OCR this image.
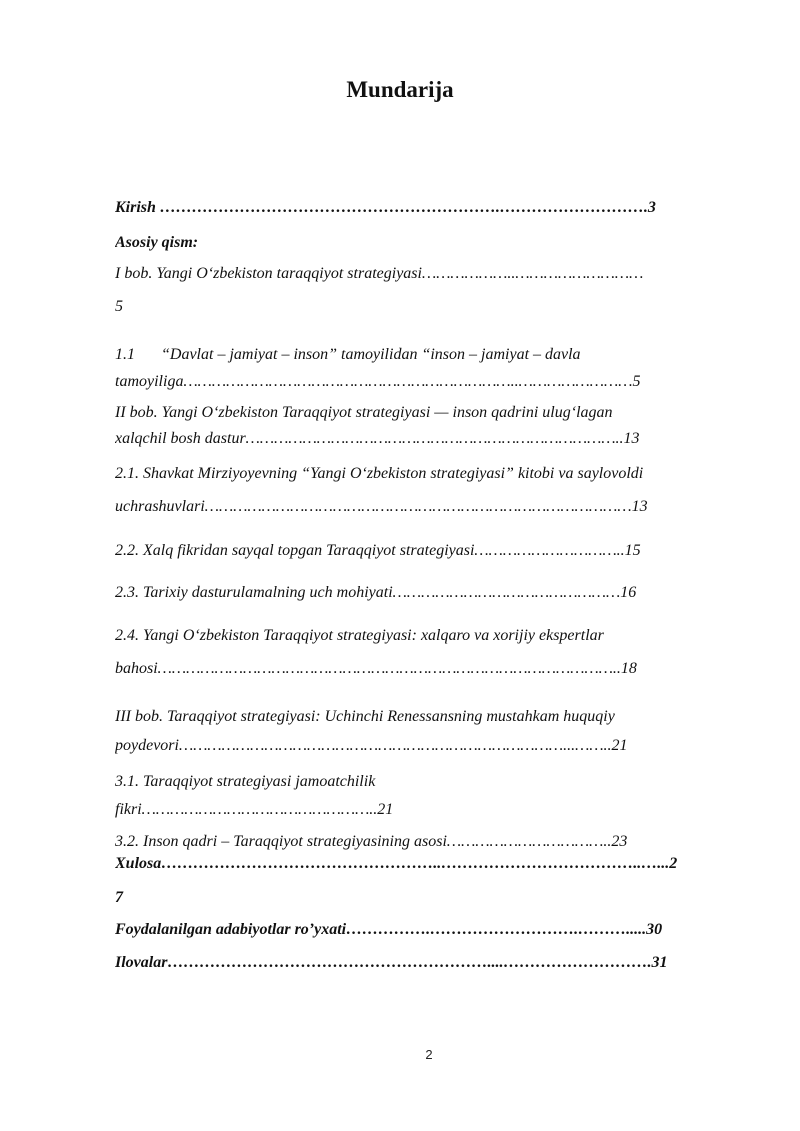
Mundarija
Kirish ……………………………………………………….……………………….3
Asosiy qism:
I bob. Yangi O‘zbekiston taraqqiyot strategiyasi………………..………………………
5
1.1 “Davlat – jamiyat – inson” tamoyilidan “inson – jamiyat – davla
tamoyiliga……………………………………………………………..……………………5
II bob. Yangi O‘zbekiston Taraqqiyot strategiyasi — inson qadrini ulug‘lagan
xalqchil bosh dastur……………………………………………………………………..13
2.1. Shavkat Mirziyoyevning “Yangi O‘zbekiston strategiyasi” kitobi va saylovoldi
uchrashuvlari………………………………………………………………………………13
2.2. Xalq fikridan sayqal topgan Taraqqiyot strategiyasi…………………………..15
2.3. Tarixiy dasturulamalning uch mohiyati…………………………………………16
2.4. Yangi O‘zbekiston Taraqqiyot strategiyasi: xalqaro va xorijiy ekspertlar
bahosi……………………………………………………………………………………..18
III bob. Taraqqiyot strategiyasi: Uchinchi Renessansning mustahkam huquqiy
poydevori………………………………………………………………………...……..21
3.1. Taraqqiyot strategiyasi jamoatchilik
fikri…………………………………………..21
3.2. Inson qadri – Taraqqiyot strategiyasining asosi……………………………..23
Xulosa……………………………………………..………………………………..…...2
7
Foydalanilgan adabiyotlar ro’yxati…………….……………………….……….....30
Ilovalar……………………………………………………....……………………….31
2
